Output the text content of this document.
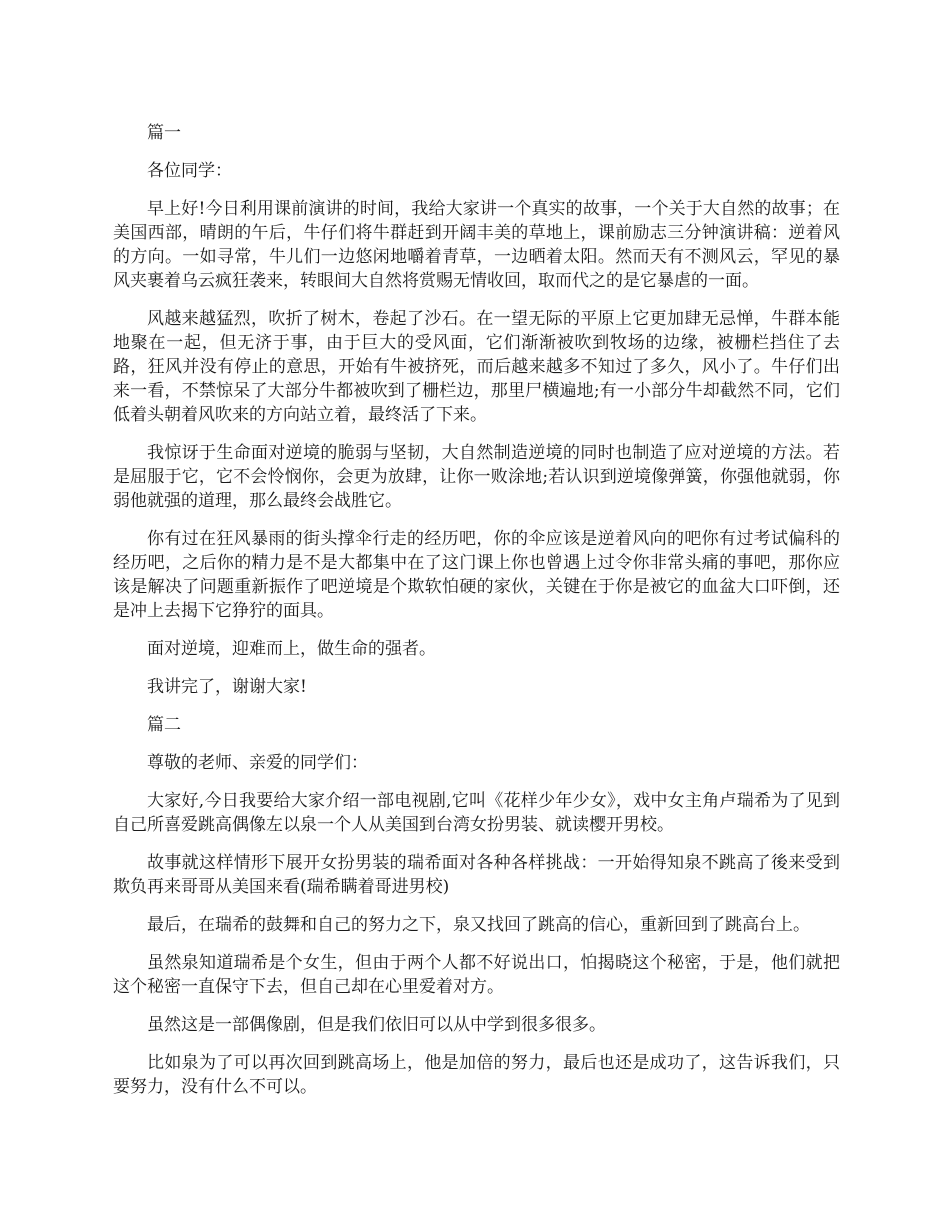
篇一

各位同学：

早上好!今日利用课前演讲的时间，我给大家讲一个真实的故事，一个关于大自然的故事；在美国西部，晴朗的午后，牛仔们将牛群赶到开阔丰美的草地上，课前励志三分钟演讲稿：逆着风的方向。一如寻常，牛儿们一边悠闲地嚼着青草，一边晒着太阳。然而天有不测风云，罕见的暴风夹裹着乌云疯狂袭来，转眼间大自然将赏赐无情收回，取而代之的是它暴虐的一面。

风越来越猛烈，吹折了树木，卷起了沙石。在一望无际的平原上它更加肆无忌惮，牛群本能地聚在一起，但无济于事，由于巨大的受风面，它们渐渐被吹到牧场的边缘，被栅栏挡住了去路，狂风并没有停止的意思，开始有牛被挤死，而后越来越多不知过了多久，风小了。牛仔们出来一看，不禁惊呆了大部分牛都被吹到了栅栏边，那里尸横遍地;有一小部分牛却截然不同，它们低着头朝着风吹来的方向站立着，最终活了下来。

我惊讶于生命面对逆境的脆弱与坚韧，大自然制造逆境的同时也制造了应对逆境的方法。若是屈服于它，它不会怜悯你，会更为放肆，让你一败涂地;若认识到逆境像弹簧，你强他就弱，你弱他就强的道理，那么最终会战胜它。

你有过在狂风暴雨的街头撑伞行走的经历吧，你的伞应该是逆着风向的吧你有过考试偏科的经历吧，之后你的精力是不是大都集中在了这门课上你也曾遇上过令你非常头痛的事吧，那你应该是解决了问题重新振作了吧逆境是个欺软怕硬的家伙，关键在于你是被它的血盆大口吓倒，还是冲上去揭下它狰狞的面具。

面对逆境，迎难而上，做生命的强者。

我讲完了，谢谢大家!

篇二

尊敬的老师、亲爱的同学们：

大家好,今日我要给大家介绍一部电视剧,它叫《花样少年少女》，戏中女主角卢瑞希为了见到自己所喜爱跳高偶像左以泉一个人从美国到台湾女扮男装、就读樱开男校。

故事就这样情形下展开女扮男装的瑞希面对各种各样挑战：一开始得知泉不跳高了後来受到欺负再来哥哥从美国来看(瑞希瞒着哥进男校)

最后，在瑞希的鼓舞和自己的努力之下，泉又找回了跳高的信心，重新回到了跳高台上。

虽然泉知道瑞希是个女生，但由于两个人都不好说出口，怕揭晓这个秘密，于是，他们就把这个秘密一直保守下去，但自己却在心里爱着对方。

虽然这是一部偶像剧，但是我们依旧可以从中学到很多很多。

比如泉为了可以再次回到跳高场上，他是加倍的努力，最后也还是成功了，这告诉我们，只要努力，没有什么不可以。
